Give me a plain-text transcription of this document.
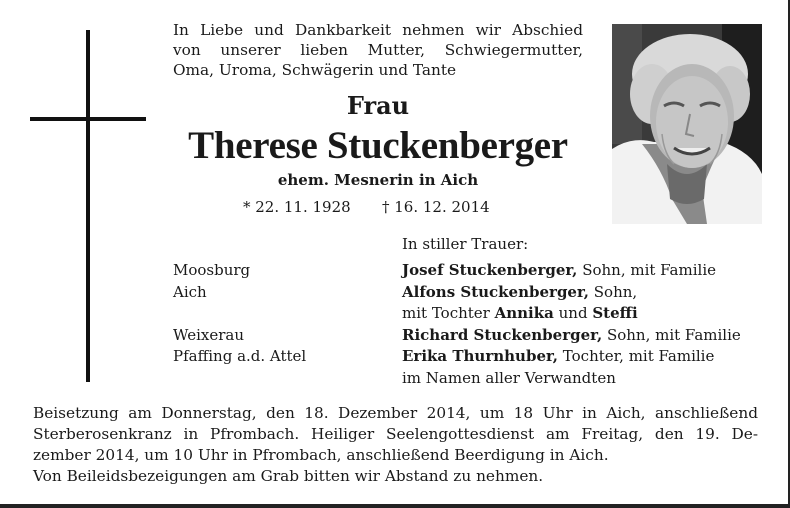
In Liebe und Dankbarkeit nehmen wir Abschied
von unserer lieben Mutter, Schwiegermutter,
Oma, Uroma, Schwägerin und Tante
Frau
Therese Stuckenberger
ehem. Mesnerin in Aich
* 22. 11. 1928 † 16. 12. 2014
In stiller Trauer:
Moosburg
Aich
Weixerau
Pfaffing a.d. Attel
Josef Stuckenberger, Sohn, mit Familie
Alfons Stuckenberger, Sohn,
mit Tochter Annika und Steffi
Richard Stuckenberger, Sohn, mit Familie
Erika Thurnhuber, Tochter, mit Familie
im Namen aller Verwandten
Beisetzung am Donnerstag, den 18. Dezember 2014, um 18 Uhr in Aich, anschließend
Sterberosenkranz in Pfrombach. Heiliger Seelengottesdienst am Freitag, den 19. De-
zember 2014, um 10 Uhr in Pfrombach, anschließend Beerdigung in Aich.
Von Beileidsbezeigungen am Grab bitten wir Abstand zu nehmen.
